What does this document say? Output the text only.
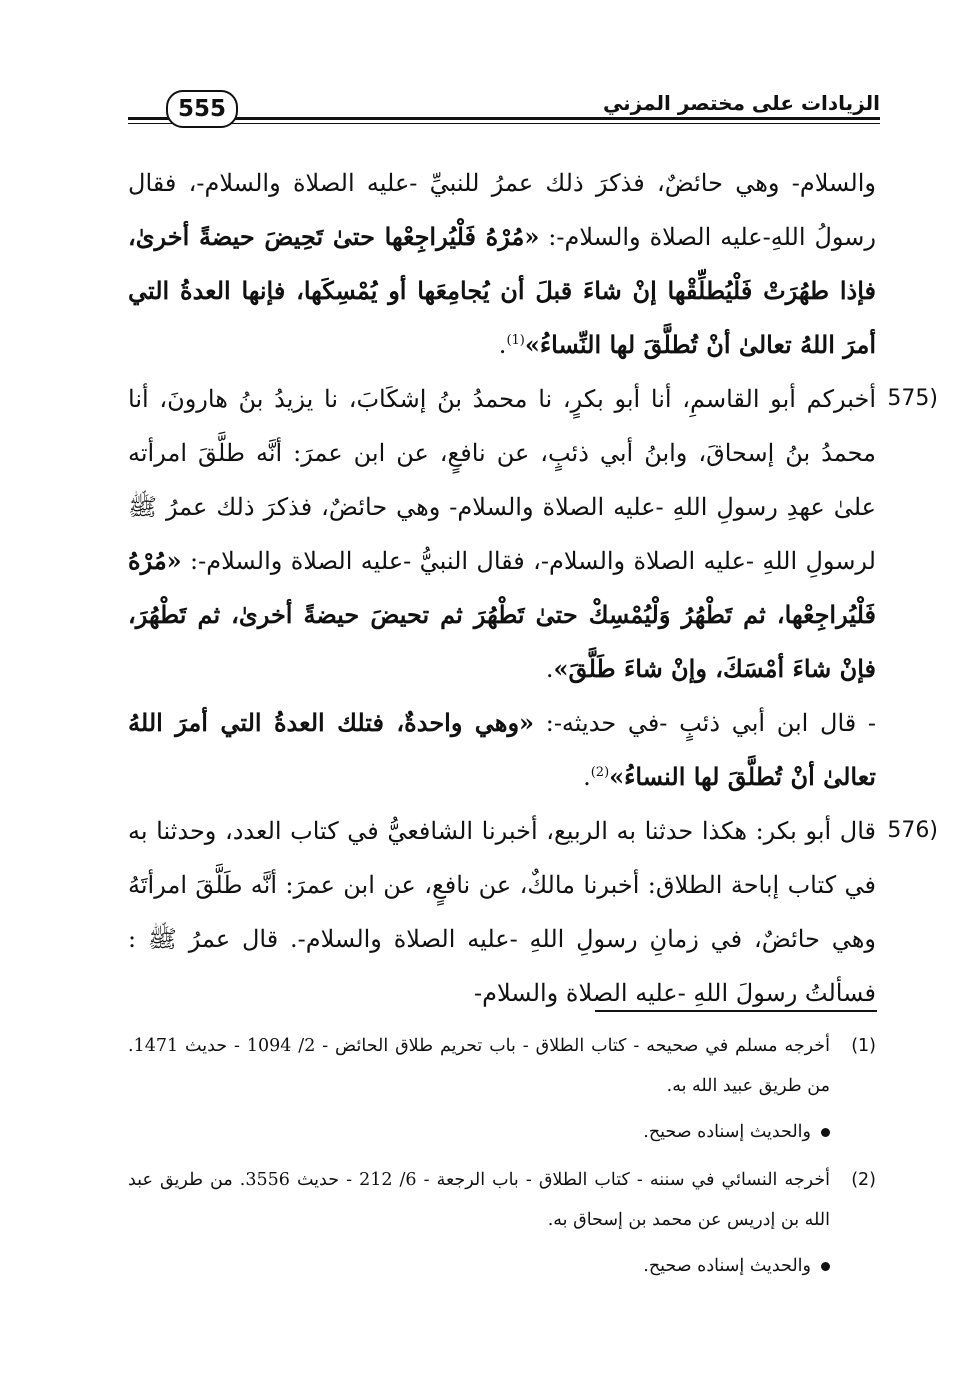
555	الزيادات على مختصر المزني

والسلام- وهي حائضٌ، فذكرَ ذلك عمرُ للنبيِّ -عليه الصلاة والسلام-، فقال رسولُ اللهِ-عليه الصلاة والسلام-: «مُرْهُ فَلْيُراجِعْها حتىٰ تَحِيضَ حيضةً أخرىٰ، فإذا طهُرَتْ فَلْيُطلِّقْها إنْ شاءَ قبلَ أن يُجامِعَها أو يُمْسِكَها، فإنها العدةُ التي أمرَ اللهُ تعالىٰ أنْ تُطلَّقَ لها النِّساءُ»$^{(1)}$.

575)
أخبركم أبو القاسمِ، أنا أبو بكرٍ، نا محمدُ بنُ إشكَابَ، نا يزيدُ بنُ هارونَ، أنا محمدُ بنُ إسحاقَ، وابنُ أبي ذئبٍ، عن نافعٍ، عن ابن عمرَ: أنَّه طلَّقَ امرأته علىٰ عهدِ رسولِ اللهِ -عليه الصلاة والسلام- وهي حائضٌ، فذكرَ ذلك عمرُ ﷺ لرسولِ اللهِ -عليه الصلاة والسلام-، فقال النبيُّ -عليه الصلاة والسلام-: «مُرْهُ فَلْيُراجِعْها، ثم تَطْهُرُ وَلْيُمْسِكْ حتىٰ تَطْهُرَ ثم تحيضَ حيضةً أخرىٰ، ثم تَطْهُرَ، فإنْ شاءَ أمْسَكَ، وإنْ شاءَ طَلَّقَ».

- قال ابن أبي ذئبٍ -في حديثه-: «وهي واحدةٌ، فتلك العدةُ التي أمرَ اللهُ تعالىٰ أنْ تُطلَّقَ لها النساءُ»$^{(2)}$.

576)
قال أبو بكر: هكذا حدثنا به الربيع، أخبرنا الشافعيُّ في كتاب العدد، وحدثنا به في كتاب إباحة الطلاق: أخبرنا مالكٌ، عن نافعٍ، عن ابن عمرَ: أنَّه طَلَّقَ امرأتَهُ وهي حائضٌ، في زمانِ رسولِ اللهِ -عليه الصلاة والسلام-. قال عمرُ ﷺ : فسألتُ رسولَ اللهِ -عليه الصلاة والسلام-

(1)
أخرجه مسلم في صحيحه - كتاب الطلاق - باب تحريم طلاق الحائض - 2/ 1094 - حديث 1471. من طريق عبيد الله به.

والحديث إسناده صحيح.

(2)
أخرجه النسائي في سننه - كتاب الطلاق - باب الرجعة - 6/ 212 - حديث 3556. من طريق عبد الله بن إدريس عن محمد بن إسحاق به.

والحديث إسناده صحيح.
